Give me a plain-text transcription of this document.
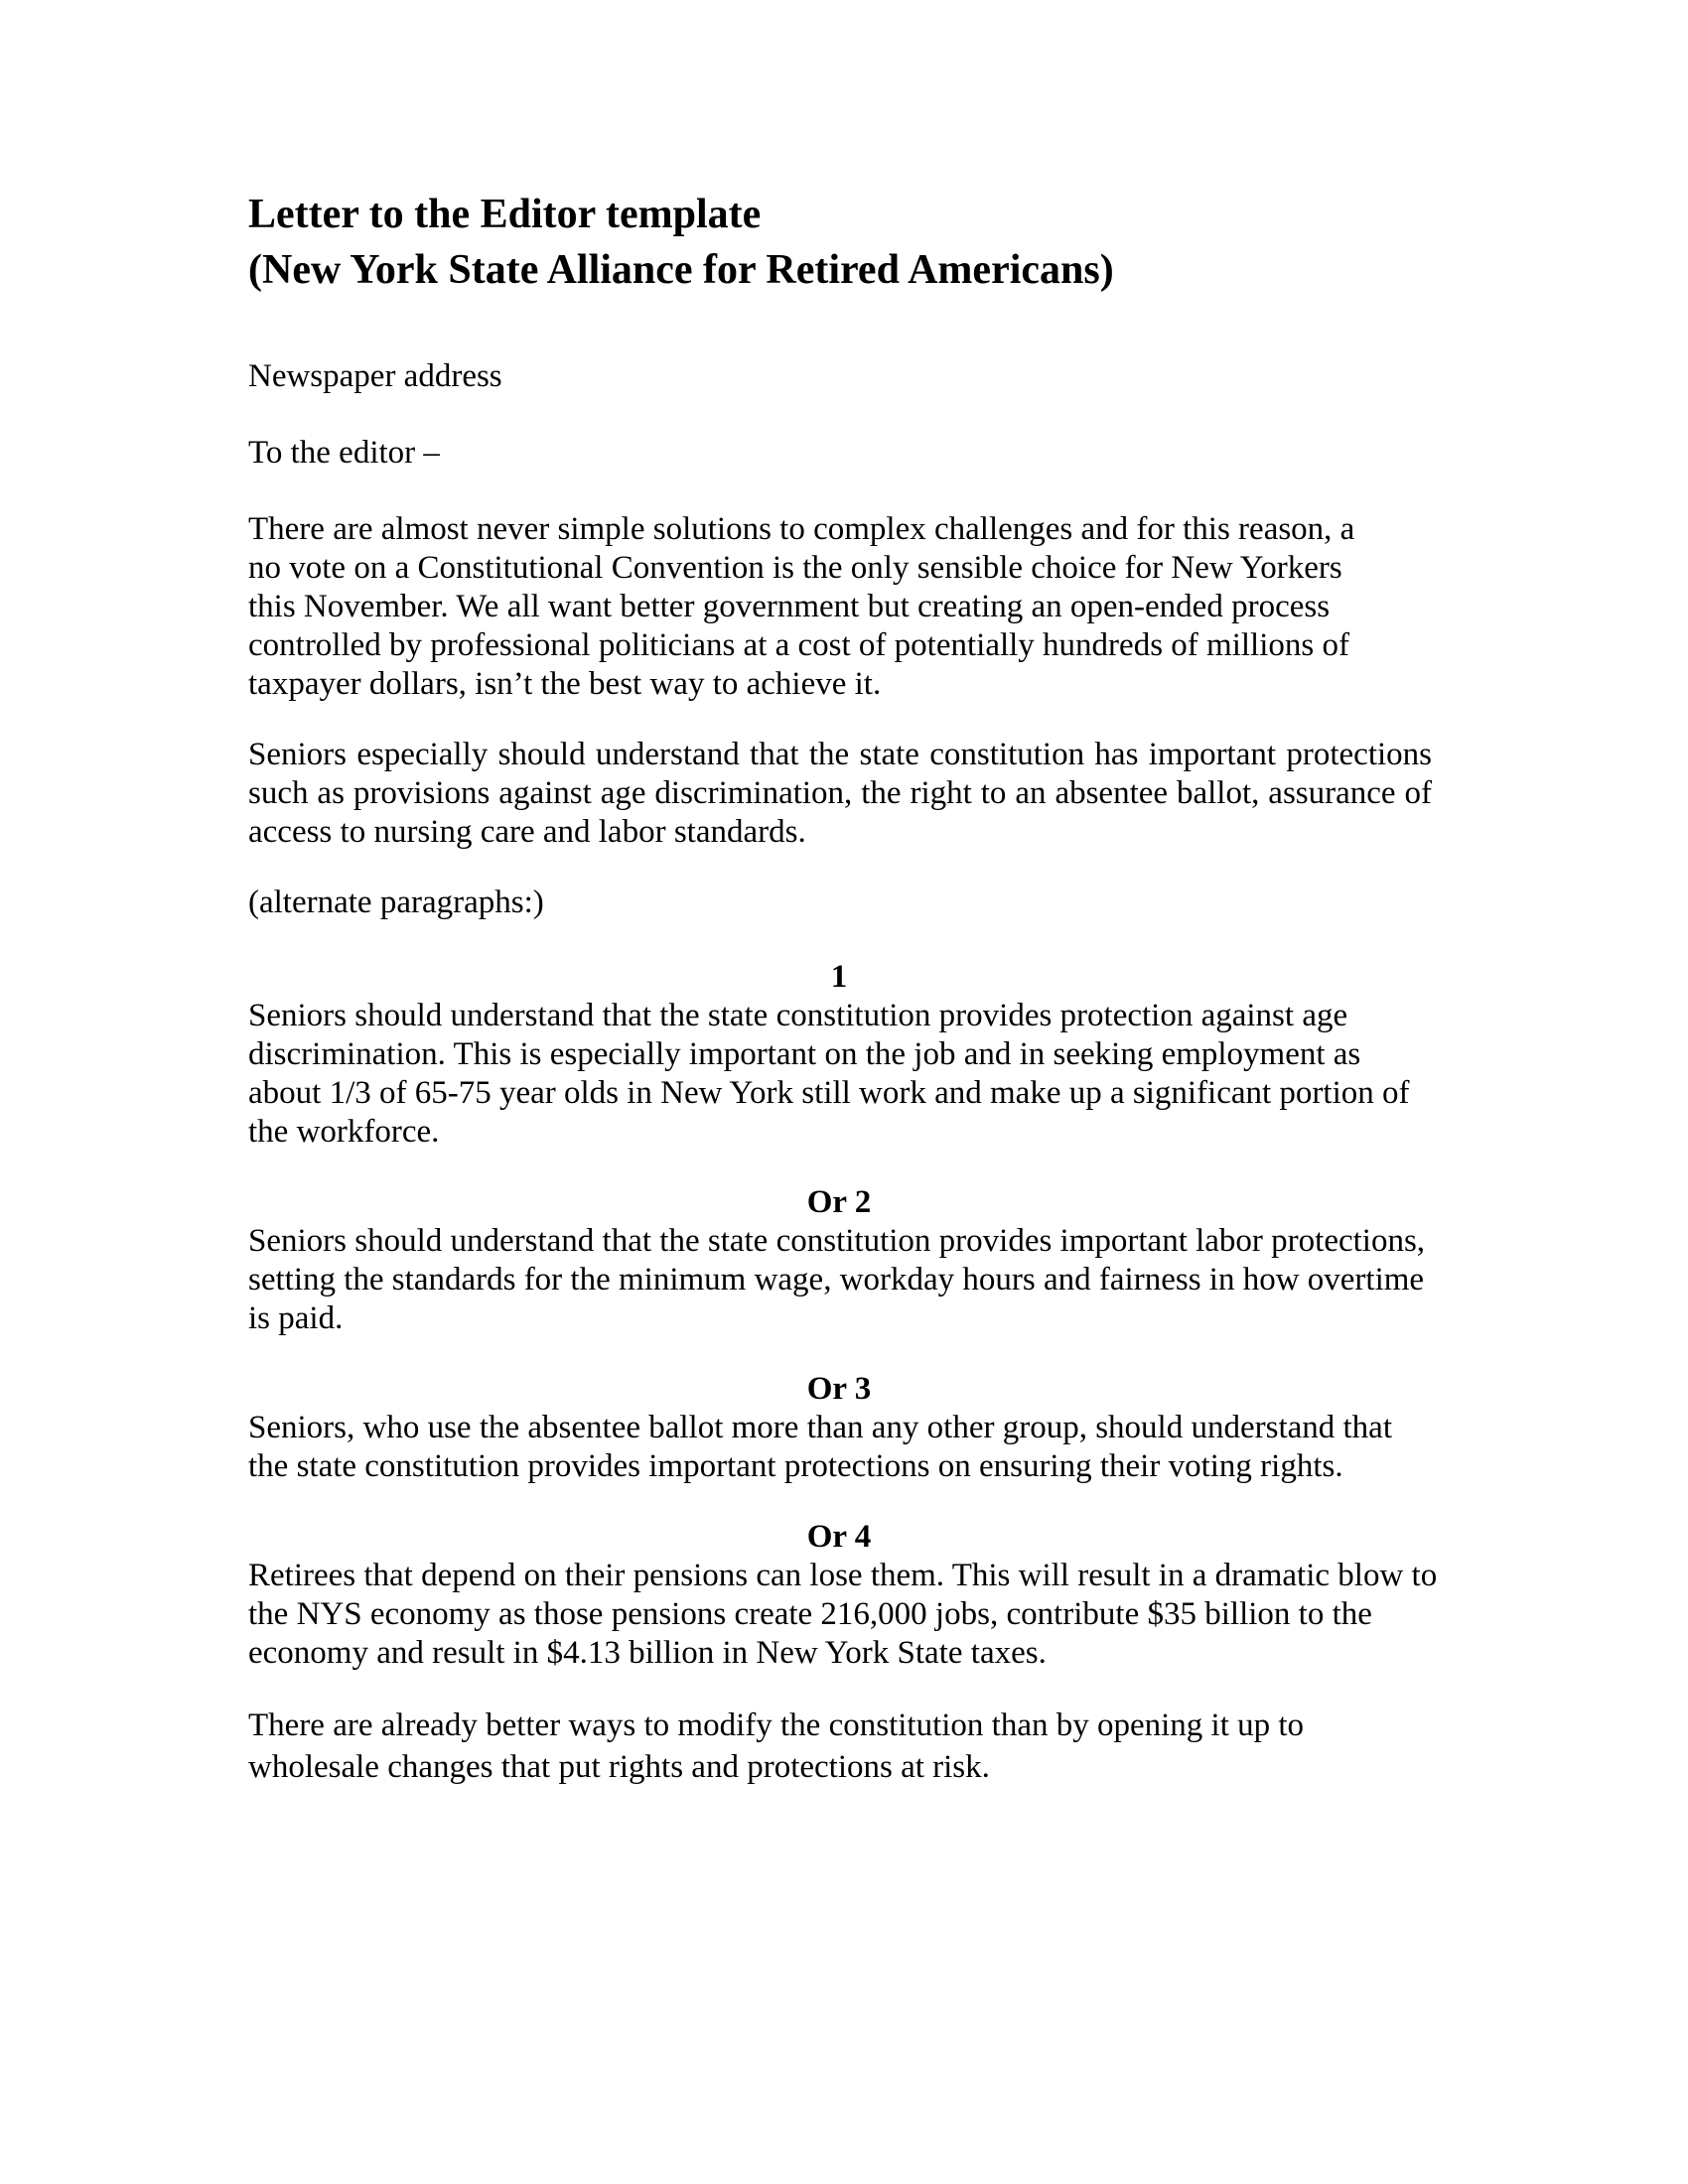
Letter to the Editor template
(New York State Alliance for Retired Americans)

Newspaper address

To the editor –

There are almost never simple solutions to complex challenges and for this reason, a no vote on a Constitutional Convention is the only sensible choice for New Yorkers this November. We all want better government but creating an open-ended process controlled by professional politicians at a cost of potentially hundreds of millions of taxpayer dollars, isn’t the best way to achieve it.

Seniors especially should understand that the state constitution has important protections such as provisions against age discrimination, the right to an absentee ballot, assurance of access to nursing care and labor standards.

(alternate paragraphs:)

1

Seniors should understand that the state constitution provides protection against age discrimination. This is especially important on the job and in seeking employment as about 1/3 of 65-75 year olds in New York still work and make up a significant portion of the workforce.

Or 2

Seniors should understand that the state constitution provides important labor protections, setting the standards for the minimum wage, workday hours and fairness in how overtime is paid.

Or 3

Seniors, who use the absentee ballot more than any other group, should understand that the state constitution provides important protections on ensuring their voting rights.

Or 4

Retirees that depend on their pensions can lose them. This will result in a dramatic blow to the NYS economy as those pensions create 216,000 jobs, contribute $35 billion to the economy and result in $4.13 billion in New York State taxes.

There are already better ways to modify the constitution than by opening it up to wholesale changes that put rights and protections at risk.
